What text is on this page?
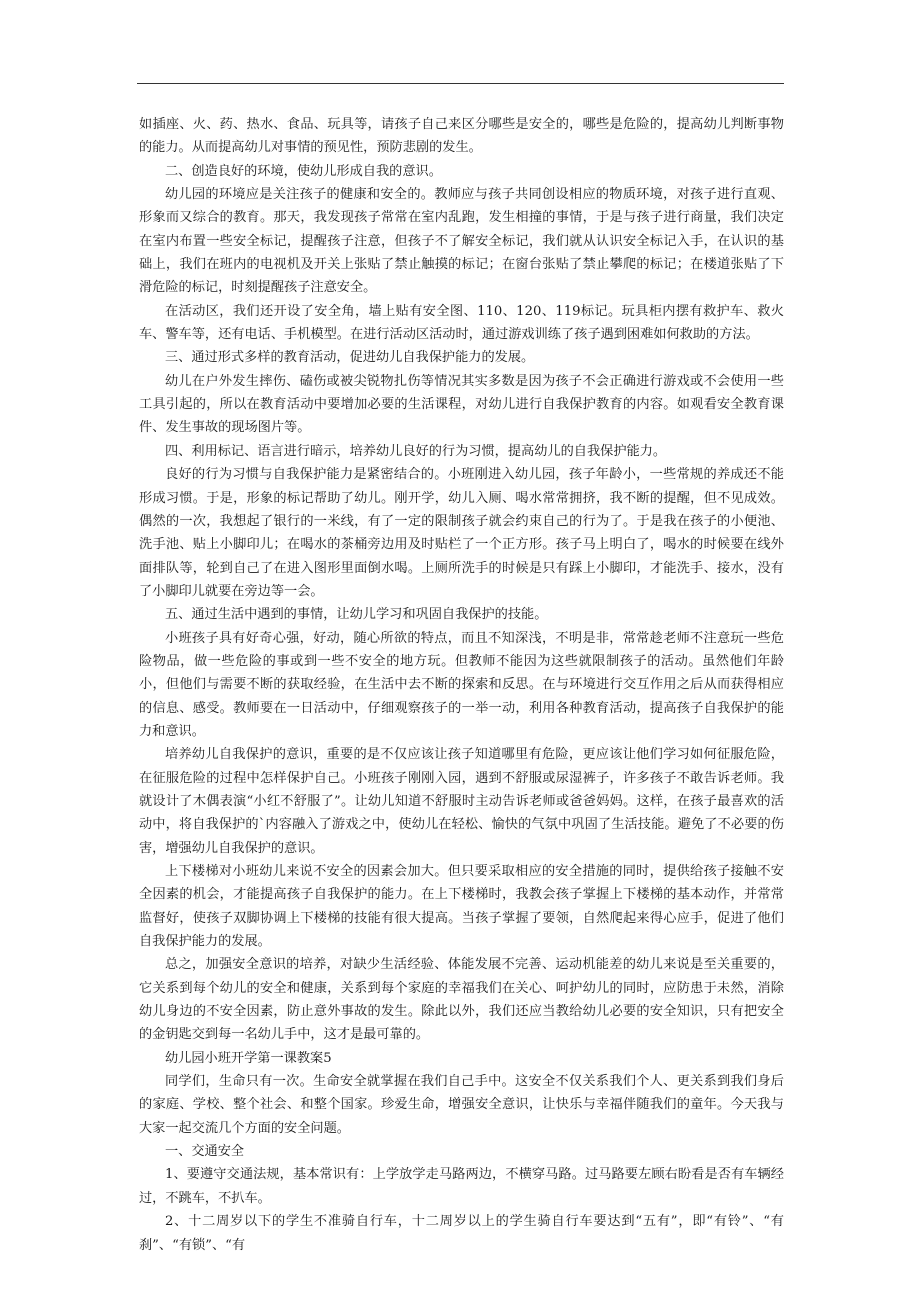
如插座、火、药、热水、食品、玩具等，请孩子自己来区分哪些是安全的，哪些是危险的，提高幼儿判断事物的能力。从而提高幼儿对事情的预见性，预防悲剧的发生。

二、创造良好的环境，使幼儿形成自我的意识。

幼儿园的环境应是关注孩子的健康和安全的。教师应与孩子共同创设相应的物质环境，对孩子进行直观、形象而又综合的教育。那天，我发现孩子常常在室内乱跑，发生相撞的事情，于是与孩子进行商量，我们决定在室内布置一些安全标记，提醒孩子注意，但孩子不了解安全标记，我们就从认识安全标记入手，在认识的基础上，我们在班内的电视机及开关上张贴了禁止触摸的标记；在窗台张贴了禁止攀爬的标记；在楼道张贴了下滑危险的标记，时刻提醒孩子注意安全。

在活动区，我们还开设了安全角，墙上贴有安全图、110、120、119标记。玩具柜内摆有救护车、救火车、警车等，还有电话、手机模型。在进行活动区活动时，通过游戏训练了孩子遇到困难如何救助的方法。

三、通过形式多样的教育活动，促进幼儿自我保护能力的发展。

幼儿在户外发生摔伤、磕伤或被尖锐物扎伤等情况其实多数是因为孩子不会正确进行游戏或不会使用一些工具引起的，所以在教育活动中要增加必要的生活课程，对幼儿进行自我保护教育的内容。如观看安全教育课件、发生事故的现场图片等。

四、利用标记、语言进行暗示，培养幼儿良好的行为习惯，提高幼儿的自我保护能力。

良好的行为习惯与自我保护能力是紧密结合的。小班刚进入幼儿园，孩子年龄小，一些常规的养成还不能形成习惯。于是，形象的标记帮助了幼儿。刚开学，幼儿入厕、喝水常常拥挤，我不断的提醒，但不见成效。偶然的一次，我想起了银行的一米线，有了一定的限制孩子就会约束自己的行为了。于是我在孩子的小便池、洗手池、贴上小脚印儿；在喝水的茶桶旁边用及时贴栏了一个正方形。孩子马上明白了，喝水的时候要在线外面排队等，轮到自己了在进入图形里面倒水喝。上厕所洗手的时候是只有踩上小脚印，才能洗手、接水，没有了小脚印儿就要在旁边等一会。

五、通过生活中遇到的事情，让幼儿学习和巩固自我保护的技能。

小班孩子具有好奇心强，好动，随心所欲的特点，而且不知深浅，不明是非，常常趁老师不注意玩一些危险物品，做一些危险的事或到一些不安全的地方玩。但教师不能因为这些就限制孩子的活动。虽然他们年龄小，但他们与需要不断的获取经验，在生活中去不断的探索和反思。在与环境进行交互作用之后从而获得相应的信息、感受。教师要在一日活动中，仔细观察孩子的一举一动，利用各种教育活动，提高孩子自我保护的能力和意识。

培养幼儿自我保护的意识，重要的是不仅应该让孩子知道哪里有危险，更应该让他们学习如何征服危险，在征服危险的过程中怎样保护自己。小班孩子刚刚入园，遇到不舒服或尿湿裤子，许多孩子不敢告诉老师。我就设计了木偶表演“小红不舒服了”。让幼儿知道不舒服时主动告诉老师或爸爸妈妈。这样，在孩子最喜欢的活动中，将自我保护的`内容融入了游戏之中，使幼儿在轻松、愉快的气氛中巩固了生活技能。避免了不必要的伤害，增强幼儿自我保护的意识。

上下楼梯对小班幼儿来说不安全的因素会加大。但只要采取相应的安全措施的同时，提供给孩子接触不安全因素的机会，才能提高孩子自我保护的能力。在上下楼梯时，我教会孩子掌握上下楼梯的基本动作，并常常监督好，使孩子双脚协调上下楼梯的技能有很大提高。当孩子掌握了要领，自然爬起来得心应手，促进了他们自我保护能力的发展。

总之，加强安全意识的培养，对缺少生活经验、体能发展不完善、运动机能差的幼儿来说是至关重要的，它关系到每个幼儿的安全和健康，关系到每个家庭的幸福我们在关心、呵护幼儿的同时，应防患于未然，消除幼儿身边的不安全因素，防止意外事故的发生。除此以外，我们还应当教给幼儿必要的安全知识，只有把安全的金钥匙交到每一名幼儿手中，这才是最可靠的。

幼儿园小班开学第一课教案5

同学们，生命只有一次。生命安全就掌握在我们自己手中。这安全不仅关系我们个人、更关系到我们身后的家庭、学校、整个社会、和整个国家。珍爱生命，增强安全意识，让快乐与幸福伴随我们的童年。今天我与大家一起交流几个方面的安全问题。

一、交通安全

1、要遵守交通法规，基本常识有：上学放学走马路两边，不横穿马路。过马路要左顾右盼看是否有车辆经过，不跳车，不扒车。

2、十二周岁以下的学生不准骑自行车，十二周岁以上的学生骑自行车要达到“五有”，即“有铃”、“有刹”、“有锁”、“有
